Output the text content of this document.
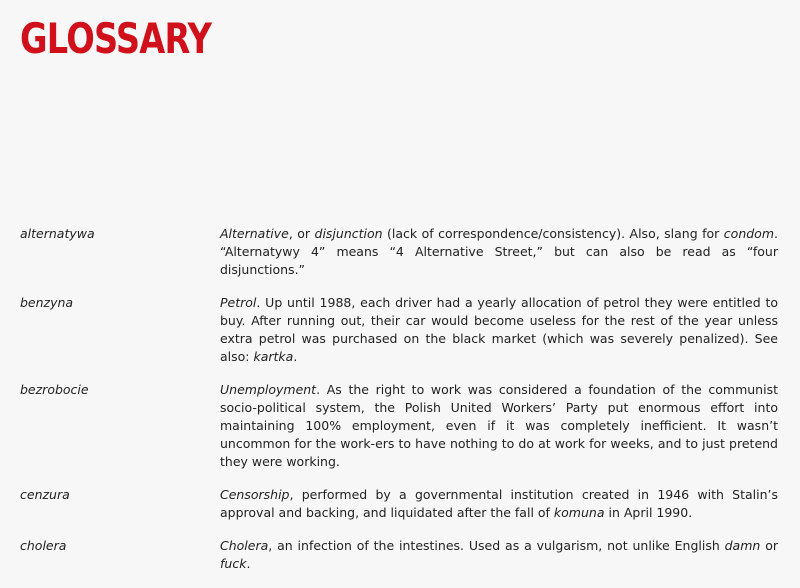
GLOSSARY
alternatywa	Alternative, or disjunction (lack of correspondence/consistency). Also, slang for condom. “Alternatywy 4” means “4 Alternative Street,” but can also be read as “four disjunctions.”
benzyna	Petrol. Up until 1988, each driver had a yearly allocation of petrol they were entitled to buy. After running out, their car would become useless for the rest of the year unless extra petrol was purchased on the black market (which was severely penalized). See also: kartka.
bezrobocie	Unemployment. As the right to work was considered a foundation of the communist socio-political system, the Polish United Workers’ Party put enormous effort into maintaining 100% employment, even if it was completely inefficient. It wasn’t uncommon for the work-ers to have nothing to do at work for weeks, and to just pretend they were working.
cenzura	Censorship, performed by a governmental institution created in 1946 with Stalin’s approval and backing, and liquidated after the fall of komuna in April 1990.
cholera	Cholera, an infection of the intestines. Used as a vulgarism, not unlike English damn or fuck.
